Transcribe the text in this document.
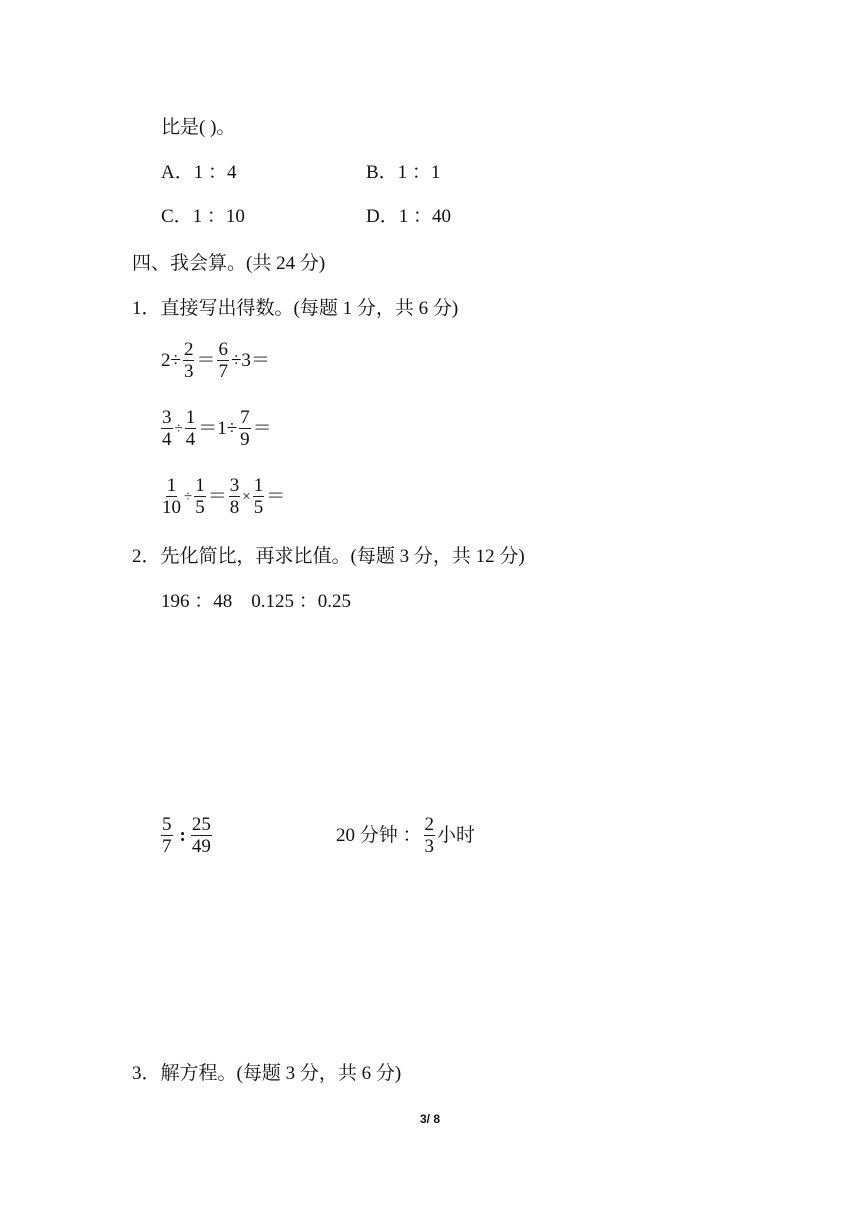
比是( )。
A．1 ：4	B．1 ：1
C．1 ：10	D．1 ：40
四、我会算。(共 24 分)
1．直接写出得数。(每题 1 分，共 6 分)
$2\div \frac{2}{3} = \frac{6}{7} \div 3=$
$\frac{3}{4} \div \frac{1}{4} =1\div \frac{7}{9}$ ＝
$\frac{1}{10} \div \frac{1}{5} = \frac{3}{8} \times \frac{1}{5}$ ＝
2．先化简比，再求比值。(每题 3 分，共 12 分)
196 ：48    0.125 ：0.25
$\frac{5}{7}$ : $\frac{25}{49}$	20 分钟 ： $\frac{2}{3}$ 小时
3．解方程。(每题 3 分，共 6 分)
3/ 8
